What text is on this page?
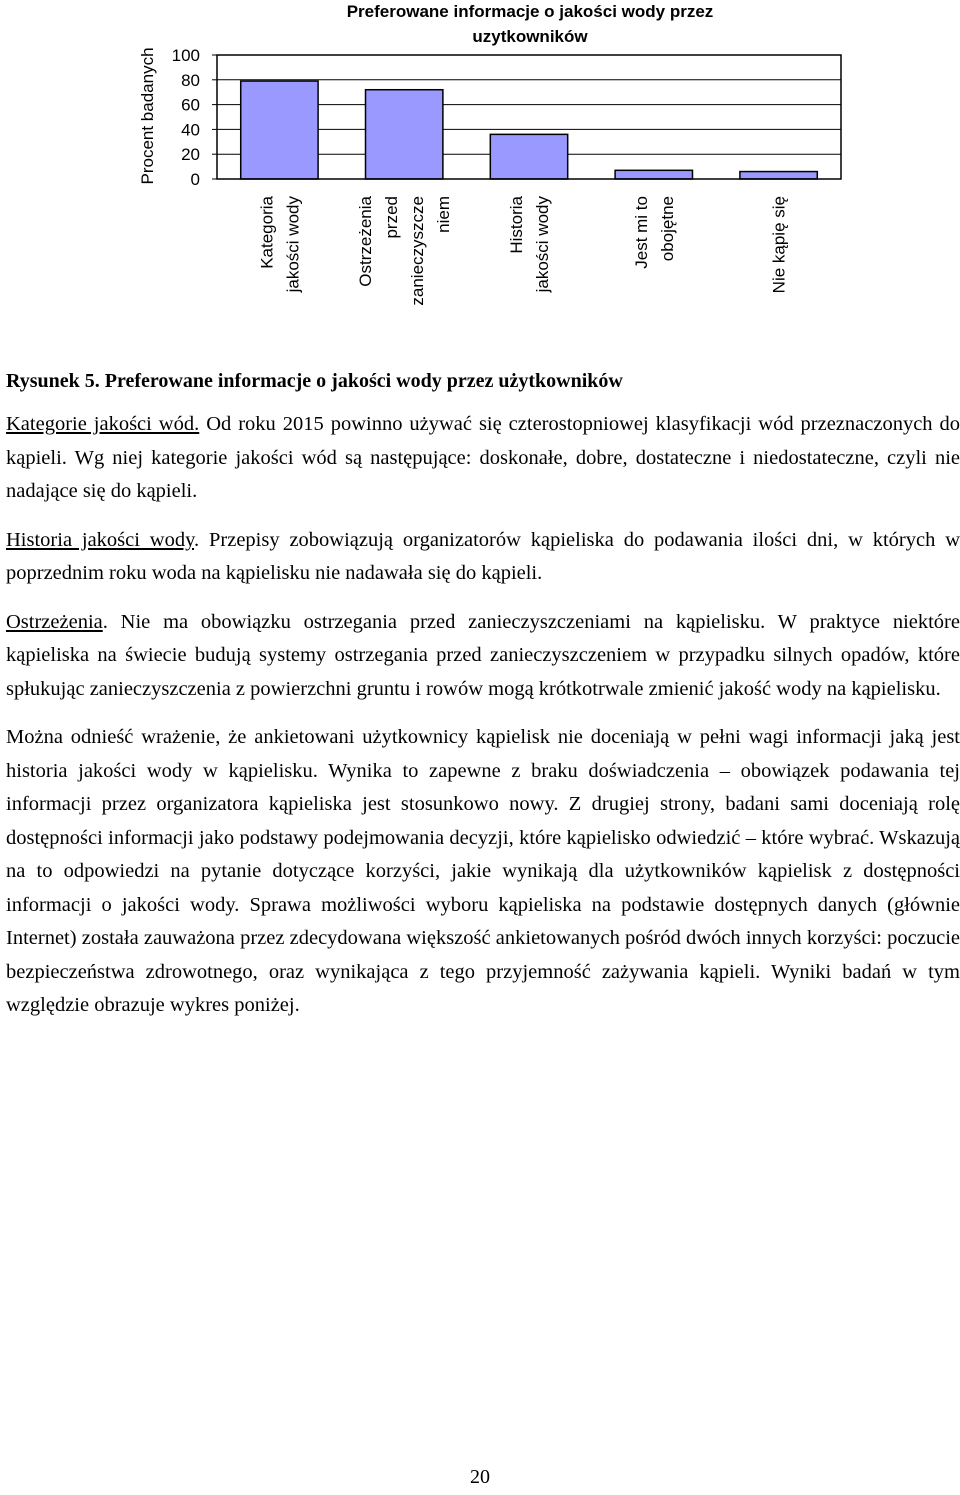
Preferowane informacje o jakości wody przez
uzytkowników
Procent badanych 100
80
60
40
20
0
Kategoria jakości wody	Ostrzeżenia przed zanieczyszcze niem	Historia jakości wody	Jest mi to obojętne	Nie kąpię się
Rysunek 5. Preferowane informacje o jakości wody przez użytkowników

Kategorie jakości wód. Od roku 2015 powinno używać się czterostopniowej klasyfikacji wód przeznaczonych do kąpieli. Wg niej kategorie jakości wód są następujące: doskonałe, dobre, dostateczne i niedostateczne, czyli nie nadające się do kąpieli.

Historia jakości wody. Przepisy zobowiązują organizatorów kąpieliska do podawania ilości dni, w których w poprzednim roku woda na kąpielisku nie nadawała się do kąpieli.

Ostrzeżenia. Nie ma obowiązku ostrzegania przed zanieczyszczeniami na kąpielisku. W praktyce niektóre kąpieliska na świecie budują systemy ostrzegania przed zanieczyszczeniem w przypadku silnych opadów, które spłukując zanieczyszczenia z powierzchni gruntu i rowów mogą krótkotrwale zmienić jakość wody na kąpielisku.

Można odnieść wrażenie, że ankietowani użytkownicy kąpielisk nie doceniają w pełni wagi informacji jaką jest historia jakości wody w kąpielisku. Wynika to zapewne z braku doświadczenia – obowiązek podawania tej informacji przez organizatora kąpieliska jest stosunkowo nowy. Z drugiej strony, badani sami doceniają rolę dostępności informacji jako podstawy podejmowania decyzji, które kąpielisko odwiedzić – które wybrać. Wskazują na to odpowiedzi na pytanie dotyczące korzyści, jakie wynikają dla użytkowników kąpielisk z dostępności informacji o jakości wody. Sprawa możliwości wyboru kąpieliska na podstawie dostępnych danych (głównie Internet) została zauważona przez zdecydowana większość ankietowanych pośród dwóch innych korzyści: poczucie bezpieczeństwa zdrowotnego, oraz wynikająca z tego przyjemność zażywania kąpieli. Wyniki badań w tym względzie obrazuje wykres poniżej.

20
